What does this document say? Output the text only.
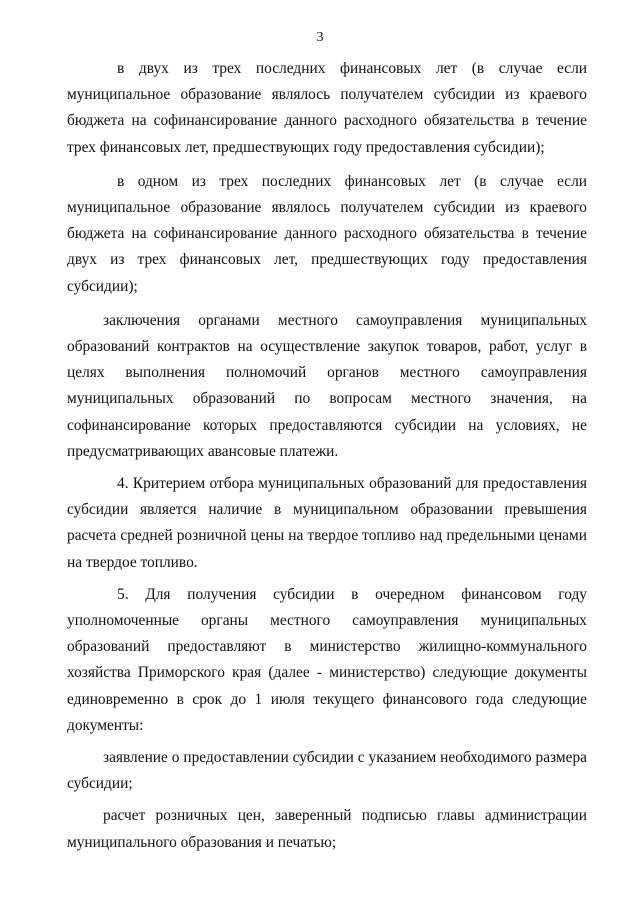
3

в двух из трех последних финансовых лет (в случае если муниципальное образование являлось получателем субсидии из краевого бюджета на софинансирование данного расходного обязательства в течение трех финансовых лет, предшествующих году предоставления субсидии);

в одном из трех последних финансовых лет (в случае если муниципальное образование являлось получателем субсидии из краевого бюджета на софинансирование данного расходного обязательства в течение двух из трех финансовых лет, предшествующих году предоставления субсидии);

заключения органами местного самоуправления муниципальных образований контрактов на осуществление закупок товаров, работ, услуг в целях выполнения полномочий органов местного самоуправления муниципальных образований по вопросам местного значения, на софинансирование которых предоставляются субсидии на условиях, не предусматривающих авансовые платежи.

4. Критерием отбора муниципальных образований для предоставления субсидии является наличие в муниципальном образовании превышения расчета средней розничной цены на твердое топливо над предельными ценами на твердое топливо.

5. Для получения субсидии в очередном финансовом году уполномоченные органы местного самоуправления муниципальных образований предоставляют в министерство жилищно-коммунального хозяйства Приморского края (далее - министерство) следующие документы единовременно в срок до 1 июля текущего финансового года следующие документы:

заявление о предоставлении субсидии с указанием необходимого размера субсидии;

расчет розничных цен, заверенный подписью главы администрации муниципального образования и печатью;
